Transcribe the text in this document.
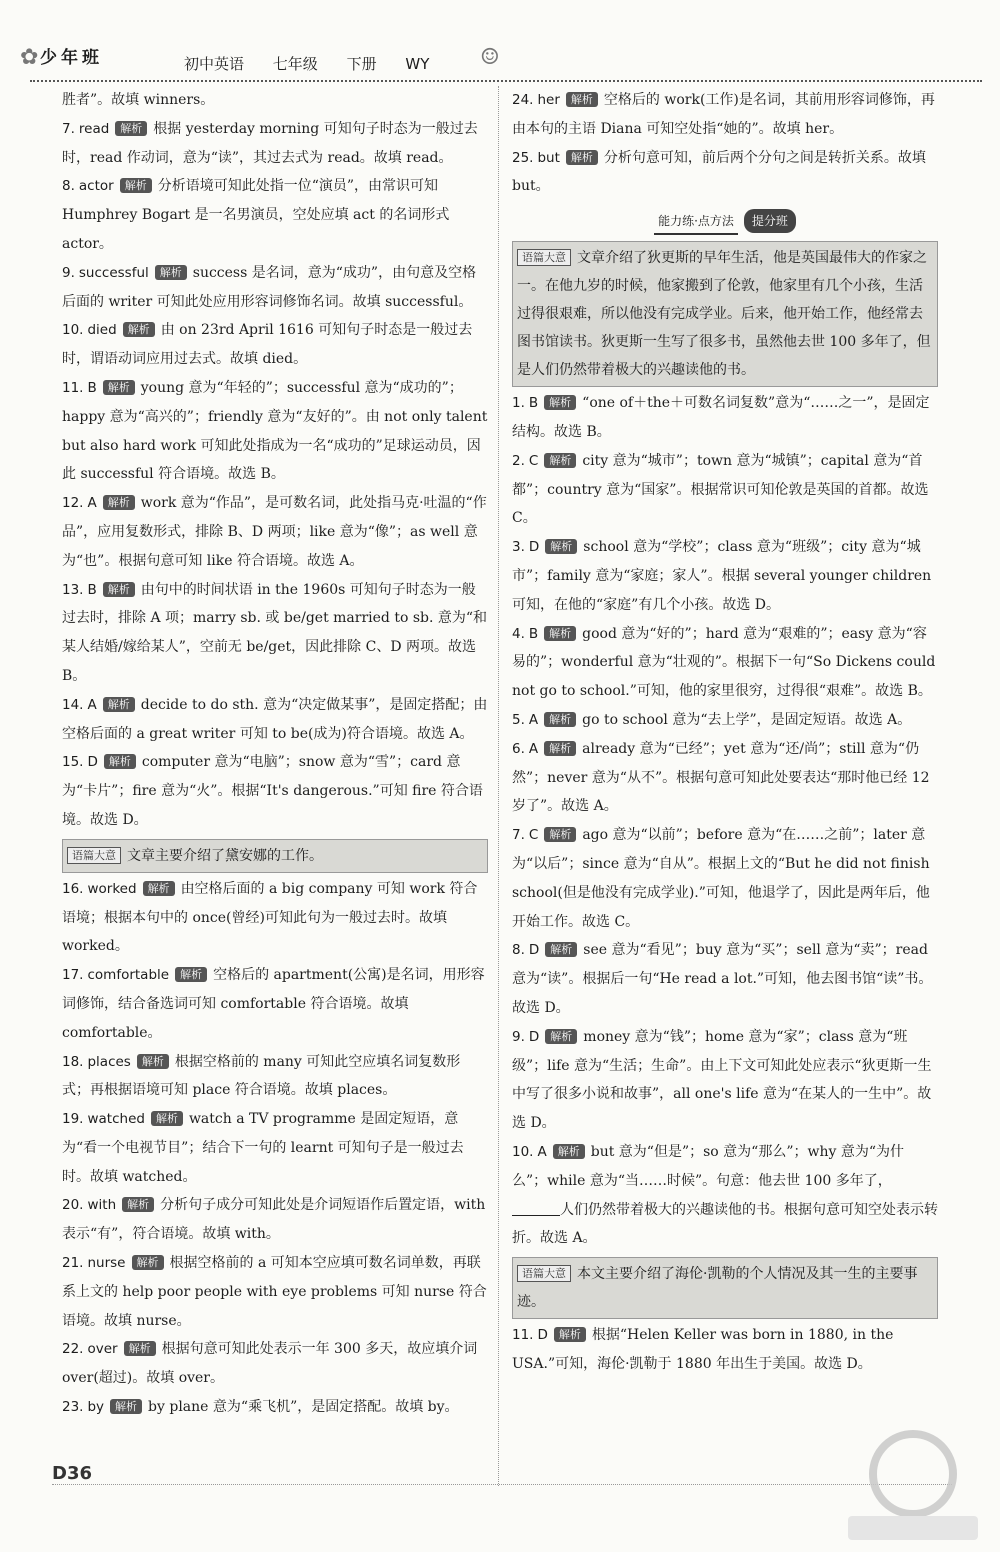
✿ 少年班	初中英语 七年级 下册 WY	☺

胜者”。故填 winners。

7. read 解析 根据 yesterday morning 可知句子时态为一般过去时，read 作动词，意为“读”，其过去式为 read。故填 read。
8. actor 解析 分析语境可知此处指一位“演员”，由常识可知 Humphrey Bogart 是一名男演员，空处应填 act 的名词形式 actor。
9. successful 解析 success 是名词，意为“成功”，由句意及空格后面的 writer 可知此处应用形容词修饰名词。故填 successful。
10. died 解析 由 on 23rd April 1616 可知句子时态是一般过去时，谓语动词应用过去式。故填 died。
11. B 解析 young 意为“年轻的”；successful 意为“成功的”；happy 意为“高兴的”；friendly 意为“友好的”。由 not only talent but also hard work 可知此处指成为一名“成功的”足球运动员，因此 successful 符合语境。故选 B。
12. A 解析 work 意为“作品”，是可数名词，此处指马克·吐温的“作品”，应用复数形式，排除 B、D 两项；like 意为“像”；as well 意为“也”。根据句意可知 like 符合语境。故选 A。
13. B 解析 由句中的时间状语 in the 1960s 可知句子时态为一般过去时，排除 A 项；marry sb. 或 be/get married to sb. 意为“和某人结婚/嫁给某人”，空前无 be/get，因此排除 C、D 两项。故选 B。
14. A 解析 decide to do sth. 意为“决定做某事”，是固定搭配；由空格后面的 a great writer 可知 to be(成为)符合语境。故选 A。
15. D 解析 computer 意为“电脑”；snow 意为“雪”；card 意为“卡片”；fire 意为“火”。根据“It's dangerous.”可知 fire 符合语境。故选 D。
语篇大意 文章主要介绍了黛安娜的工作。
16. worked 解析 由空格后面的 a big company 可知 work 符合语境；根据本句中的 once(曾经)可知此句为一般过去时。故填 worked。
17. comfortable 解析 空格后的 apartment(公寓)是名词，用形容词修饰，结合备选词可知 comfortable 符合语境。故填 comfortable。
18. places 解析 根据空格前的 many 可知此空应填名词复数形式；再根据语境可知 place 符合语境。故填 places。
19. watched 解析 watch a TV programme 是固定短语，意为“看一个电视节目”；结合下一句的 learnt 可知句子是一般过去时。故填 watched。
20. with 解析 分析句子成分可知此处是介词短语作后置定语，with 表示“有”，符合语境。故填 with。
21. nurse 解析 根据空格前的 a 可知本空应填可数名词单数，再联系上文的 help poor people with eye problems 可知 nurse 符合语境。故填 nurse。
22. over 解析 根据句意可知此处表示一年 300 多天，故应填介词 over(超过)。故填 over。
23. by 解析 by plane 意为“乘飞机”，是固定搭配。故填 by。
24. her 解析 空格后的 work(工作)是名词，其前用形容词修饰，再由本句的主语 Diana 可知空处指“她的”。故填 her。
25. but 解析 分析句意可知，前后两个分句之间是转折关系。故填 but。
能力练·点方法 提分班
语篇大意 文章介绍了狄更斯的早年生活，他是英国最伟大的作家之一。在他九岁的时候，他家搬到了伦敦，他家里有几个小孩，生活过得很艰难，所以他没有完成学业。后来，他开始工作，他经常去图书馆读书。狄更斯一生写了很多书，虽然他去世 100 多年了，但是人们仍然带着极大的兴趣读他的书。
1. B 解析 “one of＋the＋可数名词复数”意为“……之一”，是固定结构。故选 B。
2. C 解析 city 意为“城市”；town 意为“城镇”；capital 意为“首都”；country 意为“国家”。根据常识可知伦敦是英国的首都。故选 C。
3. D 解析 school 意为“学校”；class 意为“班级”；city 意为“城市”；family 意为“家庭；家人”。根据 several younger children 可知，在他的“家庭”有几个小孩。故选 D。
4. B 解析 good 意为“好的”；hard 意为“艰难的”；easy 意为“容易的”；wonderful 意为“壮观的”。根据下一句“So Dickens could not go to school.”可知，他的家里很穷，过得很“艰难”。故选 B。
5. A 解析 go to school 意为“去上学”，是固定短语。故选 A。
6. A 解析 already 意为“已经”；yet 意为“还/尚”；still 意为“仍然”；never 意为“从不”。根据句意可知此处要表达“那时他已经 12 岁了”。故选 A。
7. C 解析 ago 意为“以前”；before 意为“在……之前”；later 意为“以后”；since 意为“自从”。根据上文的“But he did not finish school(但是他没有完成学业).”可知，他退学了，因此是两年后，他开始工作。故选 C。
8. D 解析 see 意为“看见”；buy 意为“买”；sell 意为“卖”；read 意为“读”。根据后一句“He read a lot.”可知，他去图书馆“读”书。故选 D。
9. D 解析 money 意为“钱”；home 意为“家”；class 意为“班级”；life 意为“生活；生命”。由上下文可知此处应表示“狄更斯一生中写了很多小说和故事”，all one's life 意为“在某人的一生中”。故选 D。
10. A 解析 but 意为“但是”；so 意为“那么”；why 意为“为什么”；while 意为“当……时候”。句意：他去世 100 多年了，人们仍然带着极大的兴趣读他的书。根据句意可知空处表示转折。故选 A。
语篇大意 本文主要介绍了海伦·凯勒的个人情况及其一生的主要事迹。
11. D 解析 根据“Helen Keller was born in 1880, in the USA.”可知，海伦·凯勒于 1880 年出生于美国。故选 D。
D36
